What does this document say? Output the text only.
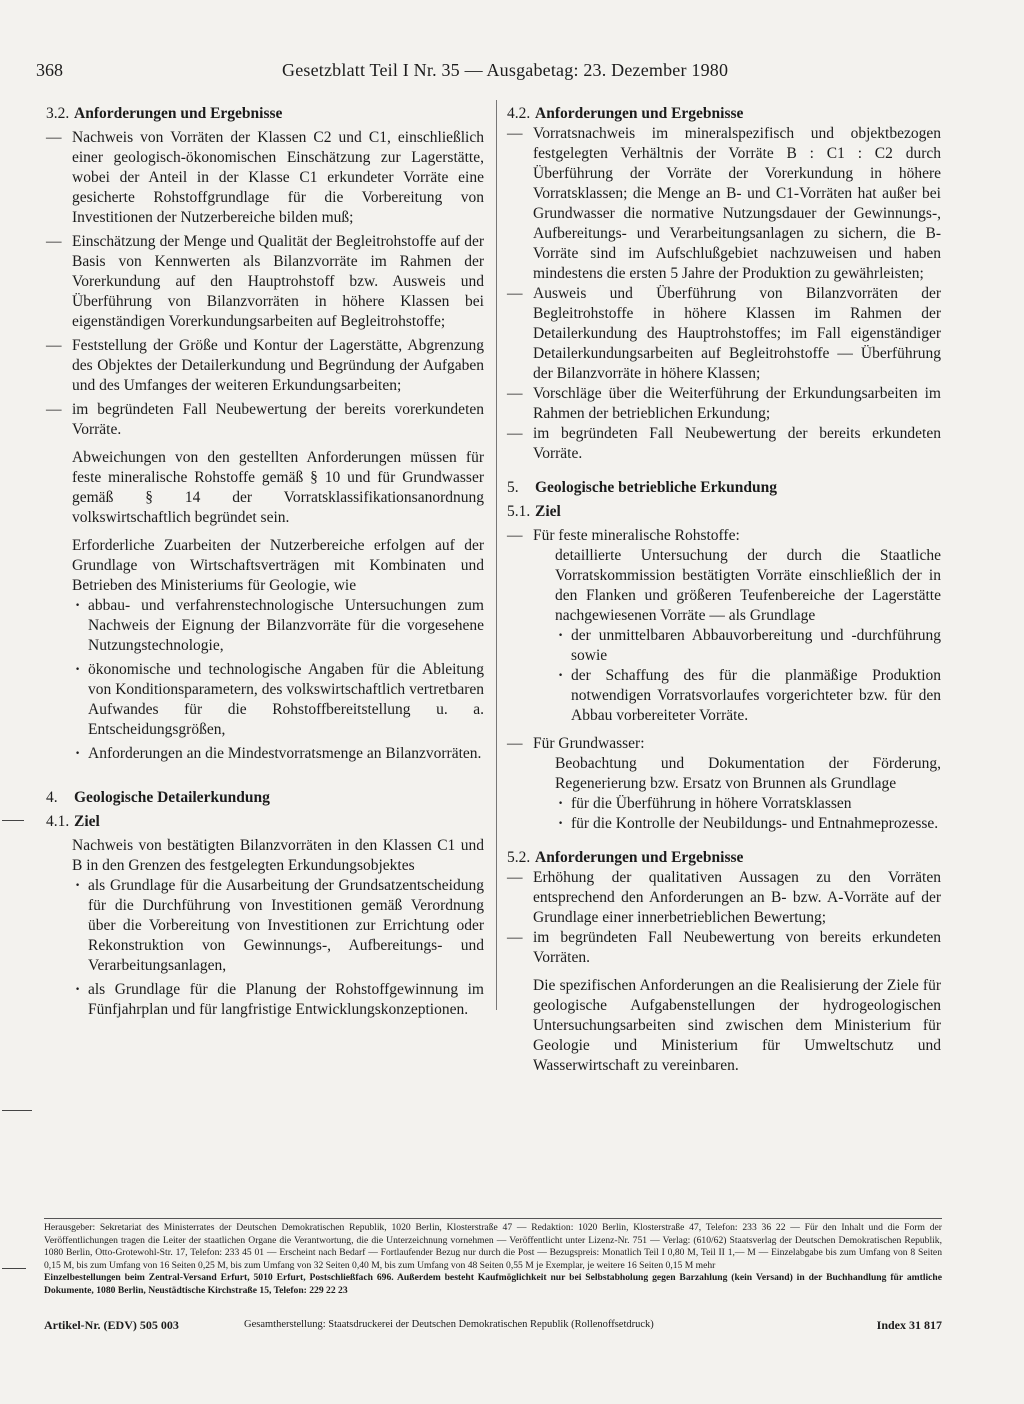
368	Gesetzblatt Teil I Nr. 35 — Ausgabetag: 23. Dezember 1980

3.2. Anforderungen und Ergebnisse

— Nachweis von Vorräten der Klassen C2 und C1, einschließlich einer geologisch-ökonomischen Einschätzung zur Lagerstätte, wobei der Anteil in der Klasse C1 erkundeter Vorräte eine gesicherte Rohstoffgrundlage für die Vorbereitung von Investitionen der Nutzerbereiche bilden muß;

— Einschätzung der Menge und Qualität der Begleitrohstoffe auf der Basis von Kennwerten als Bilanzvorräte im Rahmen der Vorerkundung auf den Hauptrohstoff bzw. Ausweis und Überführung von Bilanzvorräten in höhere Klassen bei eigenständigen Vorerkundungsarbeiten auf Begleitrohstoffe;

— Feststellung der Größe und Kontur der Lagerstätte, Abgrenzung des Objektes der Detailerkundung und Begründung der Aufgaben und des Umfanges der weiteren Erkundungsarbeiten;

— im begründeten Fall Neubewertung der bereits vorerkundeten Vorräte.

Abweichungen von den gestellten Anforderungen müssen für feste mineralische Rohstoffe gemäß § 10 und für Grundwasser gemäß § 14 der Vorratsklassifikationsanordnung volkswirtschaftlich begründet sein.

Erforderliche Zuarbeiten der Nutzerbereiche erfolgen auf der Grundlage von Wirtschaftsverträgen mit Kombinaten und Betrieben des Ministeriums für Geologie, wie

· abbau- und verfahrenstechnologische Untersuchungen zum Nachweis der Eignung der Bilanzvorräte für die vorgesehene Nutzungstechnologie,

· ökonomische und technologische Angaben für die Ableitung von Konditionsparametern, des volkswirtschaftlich vertretbaren Aufwandes für die Rohstoffbereitstellung u. a. Entscheidungsgrößen,

· Anforderungen an die Mindestvorratsmenge an Bilanzvorräten.

4. Geologische Detailerkundung

4.1. Ziel

Nachweis von bestätigten Bilanzvorräten in den Klassen C1 und B in den Grenzen des festgelegten Erkundungsobjektes

· als Grundlage für die Ausarbeitung der Grundsatzentscheidung für die Durchführung von Investitionen gemäß Verordnung über die Vorbereitung von Investitionen zur Errichtung oder Rekonstruktion von Gewinnungs-, Aufbereitungs- und Verarbeitungsanlagen,

· als Grundlage für die Planung der Rohstoffgewinnung im Fünfjahrplan und für langfristige Entwicklungskonzeptionen.

4.2. Anforderungen und Ergebnisse

— Vorratsnachweis im mineralspezifisch und objektbezogen festgelegten Verhältnis der Vorräte B : C1 : C2 durch Überführung der Vorräte der Vorerkundung in höhere Vorratsklassen; die Menge an B- und C1-Vorräten hat außer bei Grundwasser die normative Nutzungsdauer der Gewinnungs-, Aufbereitungs- und Verarbeitungsanlagen zu sichern, die B-Vorräte sind im Aufschlußgebiet nachzuweisen und haben mindestens die ersten 5 Jahre der Produktion zu gewährleisten;

— Ausweis und Überführung von Bilanzvorräten der Begleitrohstoffe in höhere Klassen im Rahmen der Detailerkundung des Hauptrohstoffes; im Fall eigenständiger Detailerkundungsarbeiten auf Begleitrohstoffe — Überführung der Bilanzvorräte in höhere Klassen;

— Vorschläge über die Weiterführung der Erkundungsarbeiten im Rahmen der betrieblichen Erkundung;

— im begründeten Fall Neubewertung der bereits erkundeten Vorräte.

5. Geologische betriebliche Erkundung

5.1. Ziel

— Für feste mineralische Rohstoffe:

detaillierte Untersuchung der durch die Staatliche Vorratskommission bestätigten Vorräte einschließlich der in den Flanken und größeren Teufenbereiche der Lagerstätte nachgewiesenen Vorräte — als Grundlage

· der unmittelbaren Abbauvorbereitung und -durchführung sowie

· der Schaffung des für die planmäßige Produktion notwendigen Vorratsvorlaufes vorgerichteter bzw. für den Abbau vorbereiteter Vorräte.

— Für Grundwasser:

Beobachtung und Dokumentation der Förderung, Regenerierung bzw. Ersatz von Brunnen als Grundlage

· für die Überführung in höhere Vorratsklassen

· für die Kontrolle der Neubildungs- und Entnahmeprozesse.

5.2. Anforderungen und Ergebnisse

— Erhöhung der qualitativen Aussagen zu den Vorräten entsprechend den Anforderungen an B- bzw. A-Vorräte auf der Grundlage einer innerbetrieblichen Bewertung;

— im begründeten Fall Neubewertung von bereits erkundeten Vorräten.

Die spezifischen Anforderungen an die Realisierung der Ziele für geologische Aufgabenstellungen der hydrogeologischen Untersuchungsarbeiten sind zwischen dem Ministerium für Geologie und Ministerium für Umweltschutz und Wasserwirtschaft zu vereinbaren.

Herausgeber: Sekretariat des Ministerrates der Deutschen Demokratischen Republik, 1020 Berlin, Klosterstraße 47 — Redaktion: 1020 Berlin, Klosterstraße 47, Telefon: 233 36 22 — Für den Inhalt und die Form der Veröffentlichungen tragen die Leiter der staatlichen Organe die Verantwortung, die die Unterzeichnung vornehmen — Veröffentlicht unter Lizenz-Nr. 751 — Verlag: (610/62) Staatsverlag der Deutschen Demokratischen Republik, 1080 Berlin, Otto-Grotewohl-Str. 17, Telefon: 233 45 01 — Erscheint nach Bedarf — Fortlaufender Bezug nur durch die Post — Bezugspreis: Monatlich Teil I 0,80 M, Teil II 1,— M — Einzelabgabe bis zum Umfang von 8 Seiten 0,15 M, bis zum Umfang von 16 Seiten 0,25 M, bis zum Umfang von 32 Seiten 0,40 M, bis zum Umfang von 48 Seiten 0,55 M je Exemplar, je weitere 16 Seiten 0,15 M mehr
Einzelbestellungen beim Zentral-Versand Erfurt, 5010 Erfurt, Postschließfach 696. Außerdem besteht Kaufmöglichkeit nur bei Selbstabholung gegen Barzahlung (kein Versand) in der Buchhandlung für amtliche Dokumente, 1080 Berlin, Neustädtische Kirchstraße 15, Telefon: 229 22 23
Artikel-Nr. (EDV) 505 003	Gesamtherstellung: Staatsdruckerei der Deutschen Demokratischen Republik (Rollenoffsetdruck)	Index 31 817
